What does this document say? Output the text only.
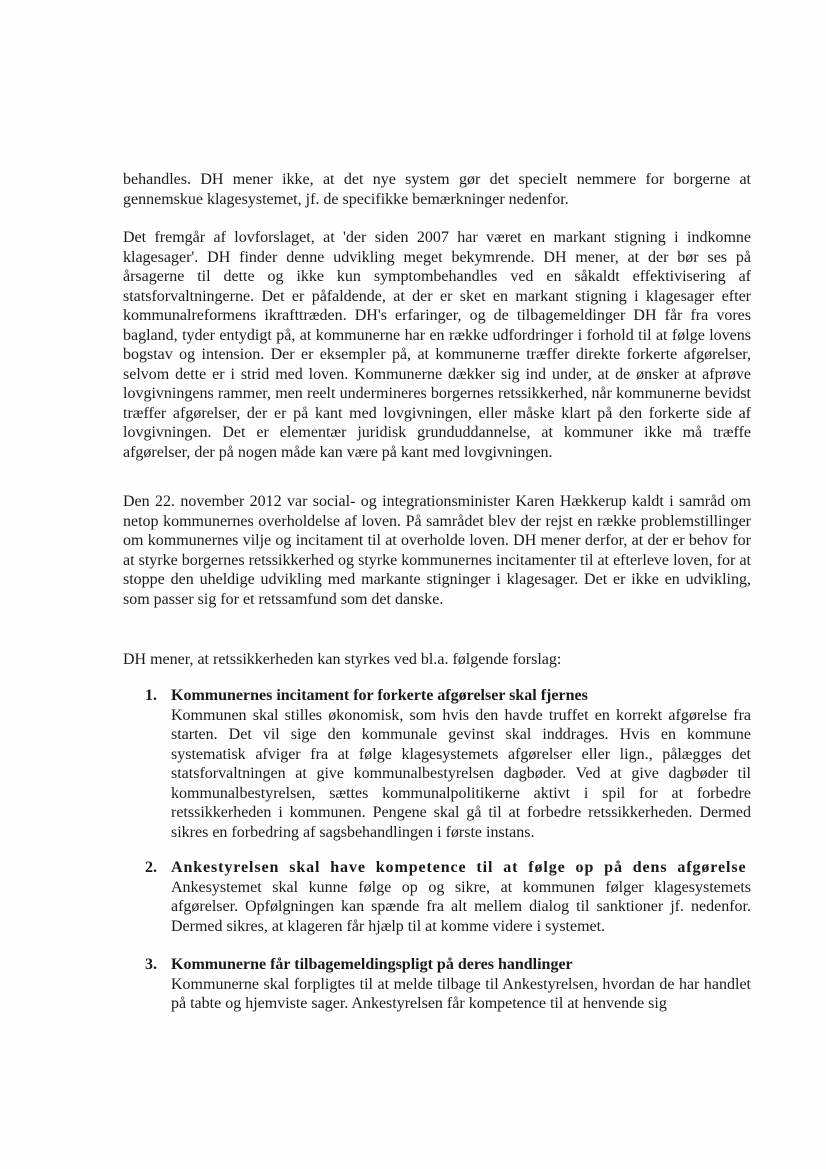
behandles. DH mener ikke, at det nye system gør det specielt nemmere for borgerne at gennemskue klagesystemet, jf. de specifikke bemærkninger nedenfor.

Det fremgår af lovforslaget, at 'der siden 2007 har været en markant stigning i indkomne klagesager'. DH finder denne udvikling meget bekymrende. DH mener, at der bør ses på årsagerne til dette og ikke kun symptombehandles ved en såkaldt effektivisering af statsforvaltningerne. Det er påfaldende, at der er sket en markant stigning i klagesager efter kommunalreformens ikrafttræden. DH's erfaringer, og de tilbagemeldinger DH får fra vores bagland, tyder entydigt på, at kommunerne har en række udfordringer i forhold til at følge lovens bogstav og intension. Der er eksempler på, at kommunerne træffer direkte forkerte afgørelser, selvom dette er i strid med loven. Kommunerne dækker sig ind under, at de ønsker at afprøve lovgivningens rammer, men reelt undermineres borgernes retssikkerhed, når kommunerne bevidst træffer afgørelser, der er på kant med lovgivningen, eller måske klart på den forkerte side af lovgivningen. Det er elementær juridisk grunduddannelse, at kommuner ikke må træffe afgørelser, der på nogen måde kan være på kant med lovgivningen.

Den 22. november 2012 var social- og integrationsminister Karen Hækkerup kaldt i samråd om netop kommunernes overholdelse af loven. På samrådet blev der rejst en række problemstillinger om kommunernes vilje og incitament til at overholde loven. DH mener derfor, at der er behov for at styrke borgernes retssikkerhed og styrke kommunernes incitamenter til at efterleve loven, for at stoppe den uheldige udvikling med markante stigninger i klagesager. Det er ikke en udvikling, som passer sig for et retssamfund som det danske.

DH mener, at retssikkerheden kan styrkes ved bl.a. følgende forslag:

1. Kommunernes incitament for forkerte afgørelser skal fjernes
Kommunen skal stilles økonomisk, som hvis den havde truffet en korrekt afgørelse fra starten. Det vil sige den kommunale gevinst skal inddrages. Hvis en kommune systematisk afviger fra at følge klagesystemets afgørelser eller lign., pålægges det statsforvaltningen at give kommunalbestyrelsen dagbøder. Ved at give dagbøder til kommunalbestyrelsen, sættes kommunalpolitikerne aktivt i spil for at forbedre retssikkerheden i kommunen. Pengene skal gå til at forbedre retssikkerheden. Dermed sikres en forbedring af sagsbehandlingen i første instans.
2. Ankestyrelsen skal have kompetence til at følge op på dens afgørelse
Ankesystemet skal kunne følge op og sikre, at kommunen følger klagesystemets afgørelser. Opfølgningen kan spænde fra alt mellem dialog til sanktioner jf. nedenfor. Dermed sikres, at klageren får hjælp til at komme videre i systemet.
3. Kommunerne får tilbagemeldingspligt på deres handlinger
Kommunerne skal forpligtes til at melde tilbage til Ankestyrelsen, hvordan de har handlet på tabte og hjemviste sager. Ankestyrelsen får kompetence til at henvende sig
